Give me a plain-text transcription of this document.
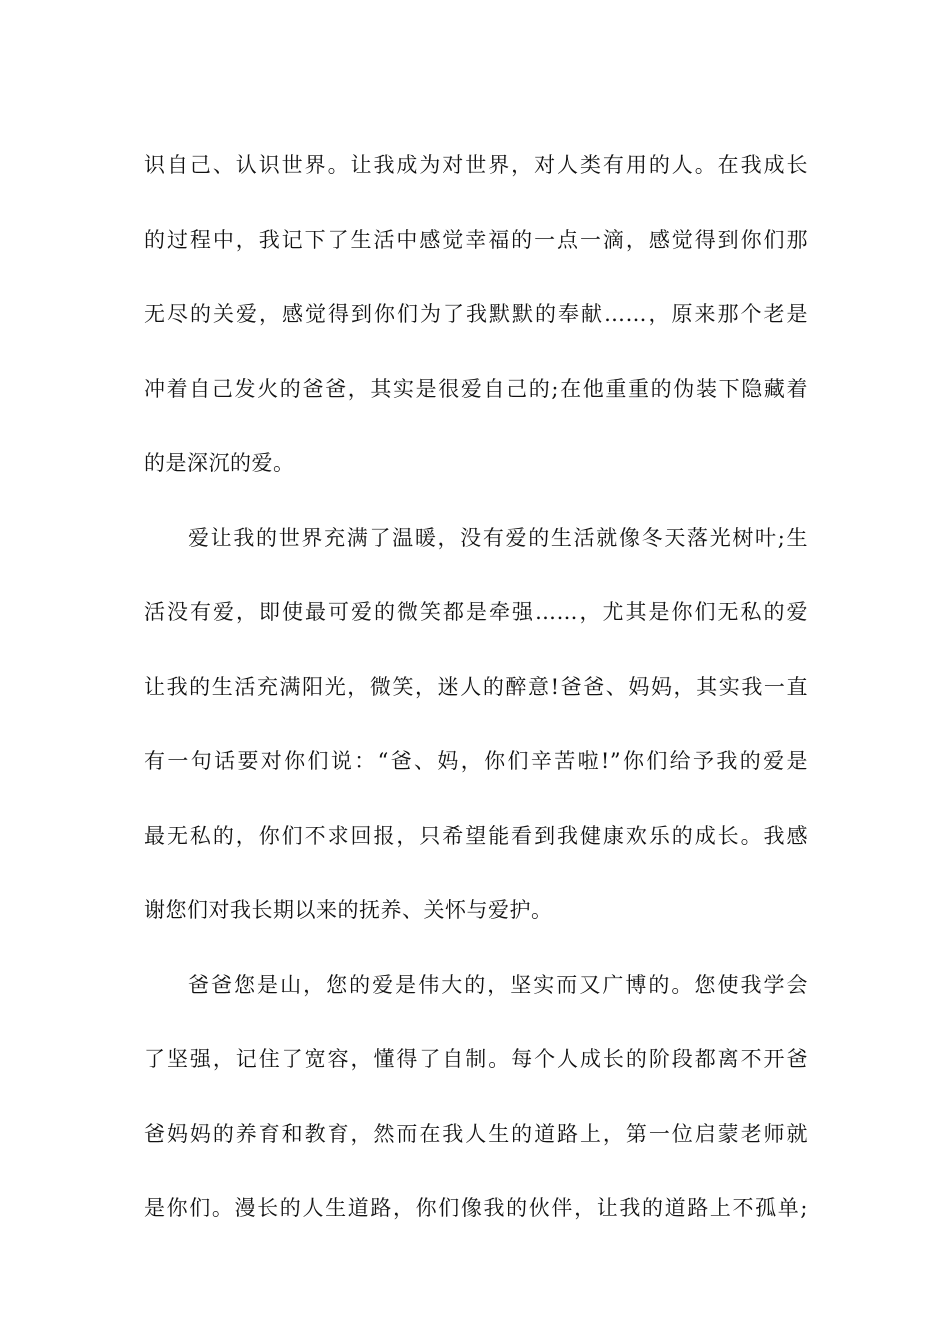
识自己、认识世界。让我成为对世界，对人类有用的人。在我成长
的过程中，我记下了生活中感觉幸福的一点一滴，感觉得到你们那
无尽的关爱，感觉得到你们为了我默默的奉献……，原来那个老是
冲着自己发火的爸爸，其实是很爱自己的;在他重重的伪装下隐藏着
的是深沉的爱。
爱让我的世界充满了温暖，没有爱的生活就像冬天落光树叶;生
活没有爱，即使最可爱的微笑都是牵强……，尤其是你们无私的爱
让我的生活充满阳光，微笑，迷人的醉意!爸爸、妈妈，其实我一直
有一句话要对你们说：“爸、妈，你们辛苦啦!”你们给予我的爱是
最无私的，你们不求回报，只希望能看到我健康欢乐的成长。我感
谢您们对我长期以来的抚养、关怀与爱护。
爸爸您是山，您的爱是伟大的，坚实而又广博的。您使我学会
了坚强，记住了宽容，懂得了自制。每个人成长的阶段都离不开爸
爸妈妈的养育和教育，然而在我人生的道路上，第一位启蒙老师就
是你们。漫长的人生道路，你们像我的伙伴，让我的道路上不孤单;
